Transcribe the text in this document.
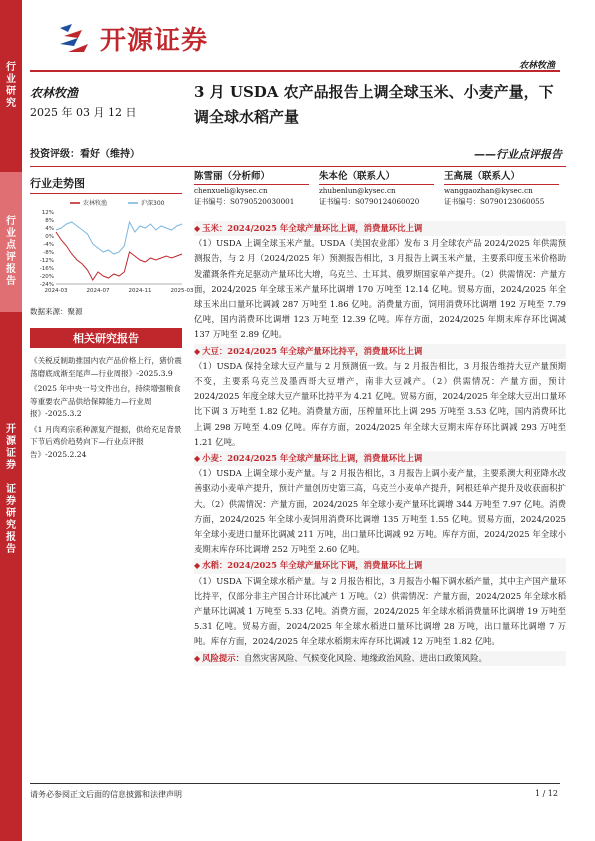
行
业
研
究
行
业
点
评
报
告
开
源
证
券

证
券
研
究
报
告
开源证券
农林牧渔
农林牧渔
2025 年 03 月 12 日
投资评级：看好（维持）
3 月 USDA 农产品报告上调全球玉米、小麦产量，下调全球水稻产量
——行业点评报告
行业走势图
12%
8%
4%
0%
-4%
-8%
-12%
-16%
-20%
-24%
2024-03	2024-07	2024-11	2025-03
农林牧渔	沪深300
数据来源：聚源
相关研究报告

《关税反制助推国内农产品价格上行，猪价震荡磨底成渐至尾声—行业周报》-2025.3.9

《2025 年中央一号文件出台，持续增强粮食等重要农产品供给保障能力—行业周报》-2025.3.2

《1 月肉鸡宗系种源复产提振，供给充足背景下节后鸡价趋势向下—行业点评报告》-2025.2.24

陈雪丽（分析师）
chenxueli@kysec.cn
证书编号：S0790520030001
朱本伦（联系人）
zhubenlun@kysec.cn
证书编号：S0790124060020
王高展（联系人）
wanggaozhan@kysec.cn
证书编号：S0790123060055

◆ 玉米：2024/2025 年全球产量环比上调，消费量环比上调

（1）USDA 上调全球玉米产量。USDA（美国农业部）发布 3 月全球农产品 2024/2025 年供需预测报告，与 2 月（2024/2025 年）预测报告相比，3 月报告上调玉米产量，主要系印度玉米价格助发灌溉条件充足驱动产量环比大增，乌克兰、土耳其、俄罗斯国家单产提升。（2）供需情况：产量方面，2024/2025 年全球玉米产量环比调增 170 万吨至 12.14 亿吨。贸易方面，2024/2025 年全球玉米出口量环比调减 287 万吨至 1.86 亿吨。消费量方面，饲用消费环比调增 192 万吨至 7.79 亿吨，国内消费环比调增 123 万吨至 12.39 亿吨。库存方面，2024/2025 年期末库存环比调减 137 万吨至 2.89 亿吨。

◆ 大豆：2024/2025 年全球产量环比持平，消费量环比上调

（1）USDA 保持全球大豆产量与 2 月预测值一致。与 2 月报告相比，3 月报告维持大豆产量预期不变，主要系乌克兰及墨西哥大豆增产，南非大豆减产。（2）供需情况：产量方面，预计 2024/2025 年度全球大豆产量环比持平为 4.21 亿吨。贸易方面，2024/2025 年全球大豆出口量环比下调 3 万吨至 1.82 亿吨。消费量方面，压榨量环比上调 295 万吨至 3.53 亿吨，国内消费环比上调 298 万吨至 4.09 亿吨。库存方面，2024/2025 年全球大豆期末库存环比调减 293 万吨至 1.21 亿吨。

◆ 小麦：2024/2025 年全球产量环比上调，消费量环比上调

（1）USDA 上调全球小麦产量。与 2 月报告相比，3 月报告上调小麦产量，主要系澳大利亚降水改善驱动小麦单产提升，预计产量创历史第三高，乌克兰小麦单产提升，阿根廷单产提升及收获面积扩大。（2）供需情况：产量方面，2024/2025 年全球小麦产量环比调增 344 万吨至 7.97 亿吨。消费方面，2024/2025 年全球小麦饲用消费环比调增 135 万吨至 1.55 亿吨。贸易方面，2024/2025 年全球小麦进口量环比调减 211 万吨，出口量环比调减 92 万吨。库存方面，2024/2025 年全球小麦期末库存环比调增 252 万吨至 2.60 亿吨。

◆ 水稻：2024/2025 年全球产量环比下调，消费量环比上调

（1）USDA 下调全球水稻产量。与 2 月报告相比，3 月报告小幅下调水稻产量，其中主产国产量环比持平，仅部分非主产国合计环比减产 1 万吨。（2）供需情况：产量方面，2024/2025 年全球水稻产量环比调减 1 万吨至 5.33 亿吨。消费方面，2024/2025 年全球水稻消费量环比调增 19 万吨至 5.31 亿吨。贸易方面，2024/2025 年全球水稻进口量环比调增 28 万吨，出口量环比调增 7 万吨。库存方面，2024/2025 年全球水稻期末库存环比调减 12 万吨至 1.82 亿吨。

◆ 风险提示：自然灾害风险、气候变化风险、地缘政治风险、进出口政策风险。

请务必参阅正文后面的信息披露和法律声明	1 / 12
